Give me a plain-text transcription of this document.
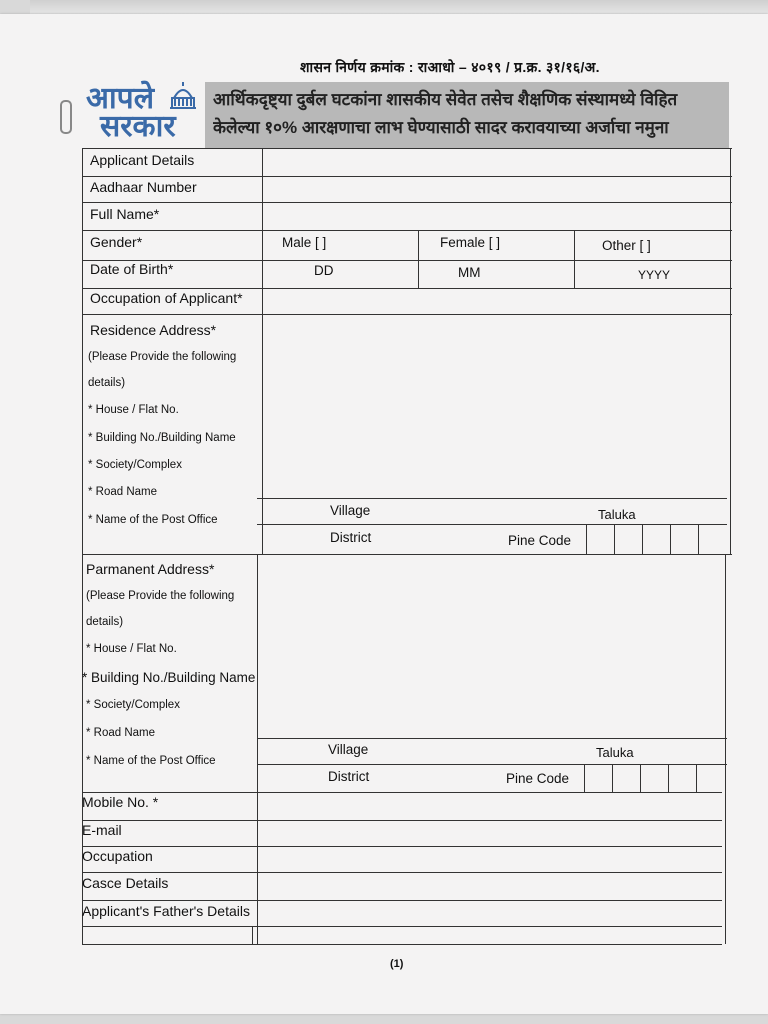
शासन निर्णय क्रमांक : राआधो – ४०१९ / प्र.क्र. ३१/१६/अ.
आपले
सरकार
आर्थिकदृष्ट्या दुर्बल घटकांना शासकीय सेवेत तसेच शैक्षणिक संस्थामध्ये विहित
केलेल्या १०% आरक्षणाचा लाभ घेण्यासाठी सादर करावयाच्या अर्जाचा नमुना
Applicant Details
Aadhaar Number
Full Name*
Gender*	Male [ ]	Female [ ]	Other [ ]
Date of Birth*	DD	MM	YYYY
Occupation of Applicant*
Residence Address*
(Please Provide the following
details)
* House / Flat No.
* Building No./Building Name
* Society/Complex
* Road Name
* Name of the Post Office
Village	Taluka
District	Pine Code
Parmanent Address*
(Please Provide the following
details)
* House / Flat No.
* Building No./Building Name
* Society/Complex
* Road Name
* Name of the Post Office
Village	Taluka
District	Pine Code
Mobile No. *
E-mail
Occupation
Casce Details
Applicant's Father's Details
(1)
